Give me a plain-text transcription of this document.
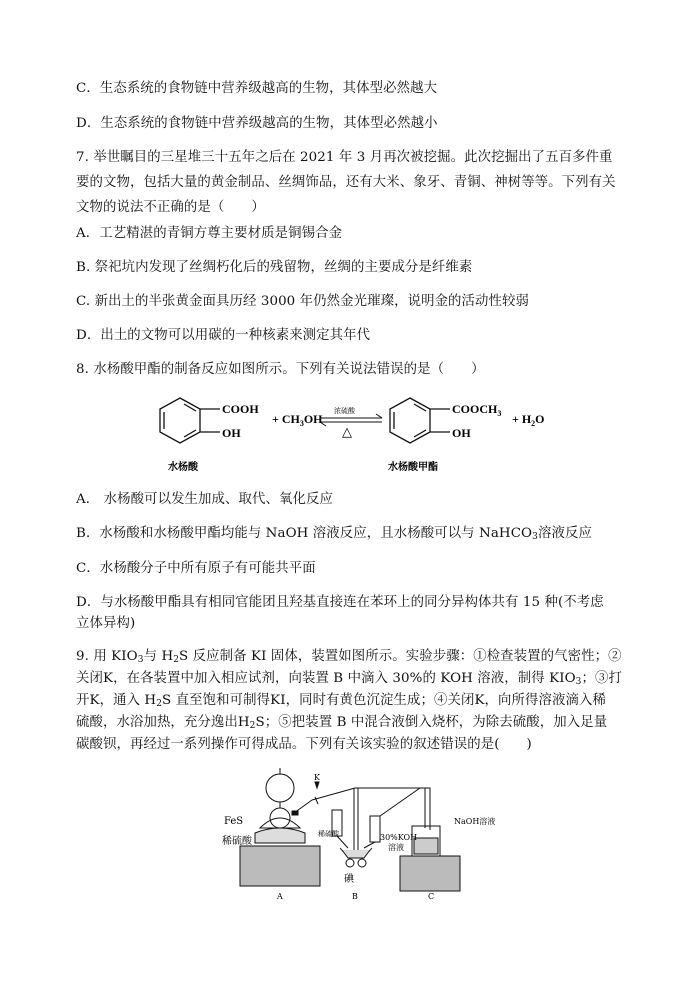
C．生态系统的食物链中营养级越高的生物，其体型必然越大
D．生态系统的食物链中营养级越高的生物，其体型必然越小
7. 举世瞩目的三星堆三十五年之后在 2021 年 3 月再次被挖掘。此次挖掘出了五百多件重要的文物，包括大量的黄金制品、丝绸饰品，还有大米、象牙、青铜、神树等等。下列有关文物的说法不正确的是（　　）
A．工艺精湛的青铜方尊主要材质是铜锡合金
B. 祭祀坑内发现了丝绸朽化后的残留物，丝绸的主要成分是纤维素
C. 新出土的半张黄金面具历经 3000 年仍然金光璀璨，说明金的活动性较弱
D．出土的文物可以用碳的一种核素来测定其年代
8. 水杨酸甲酯的制备反应如图所示。下列有关说法错误的是（　　）
COOH
OH
+ $CH_3OH$
浓硫酸
△
$COOCH_3$
OH
+ $H_2O$
水杨酸	水杨酸甲酯
A． 水杨酸可以发生加成、取代、氧化反应
B．水杨酸和水杨酸甲酯均能与 NaOH 溶液反应，且水杨酸可以与 NaHCO$_3$溶液反应
C．水杨酸分子中所有原子有可能共平面
D．与水杨酸甲酯具有相同官能团且羟基直接连在苯环上的同分异构体共有 15 种(不考虑
立体异构)
9. 用 $KIO_3$与 $H_2S$ 反应制备 KI 固体，装置如图所示。实验步骤：①检查装置的气密性；②
关闭K，在各装置中加入相应试剂，向装置 B 中滴入 30%的 KOH 溶液，制得 $KIO_3$；③打
开K，通入 $H_2S$ 直至饱和可制得KI，同时有黄色沉淀生成；④关闭K，向所得溶液滴入稀
硫酸，水浴加热，充分逸出$H_2S$；⑤把装置 B 中混合液倒入烧杯，为除去硫酸，加入足量
碳酸钡，再经过一系列操作可得成品。下列有关该实验的叙述错误的是(　　)
FeS
K
稀硫酸
稀硫酸	30%KOH
溶液
NaOH溶液
碘
A	B	C
